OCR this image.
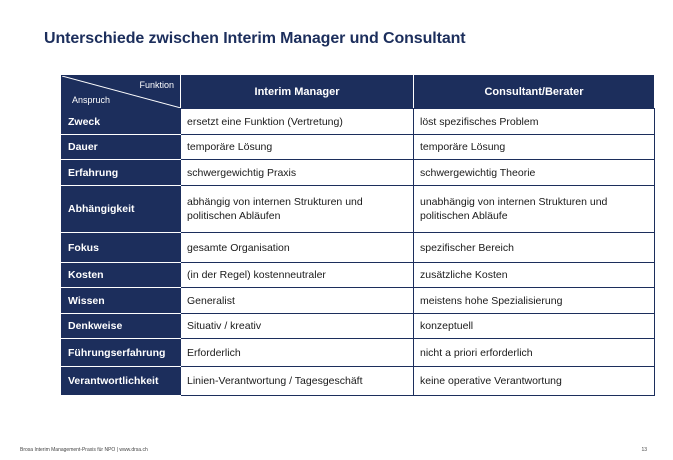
Unterschiede zwischen Interim Manager und Consultant
Funktion
Anspruch	Interim Manager	Consultant/Berater
Zweck	ersetzt eine Funktion (Vertretung)	löst spezifisches Problem
Dauer	temporäre Lösung	temporäre Lösung
Erfahrung	schwergewichtig Praxis	schwergewichtig Theorie
Abhängigkeit	abhängig von internen Strukturen und politischen Abläufen	unabhängig von internen Strukturen und politischen Abläufe
Fokus	gesamte Organisation	spezifischer Bereich
Kosten	(in der Regel) kostenneutraler	zusätzliche Kosten
Wissen	Generalist	meistens hohe Spezialisierung
Denkweise	Situativ / kreativ	konzeptuell
Führungserfahrung	Erforderlich	nicht a priori erforderlich
Verantwortlichkeit	Linien-Verantwortung / Tagesgeschäft	keine operative Verantwortung
Brosa Interim Management-Praxis für NPO | www.drsa.ch	13
